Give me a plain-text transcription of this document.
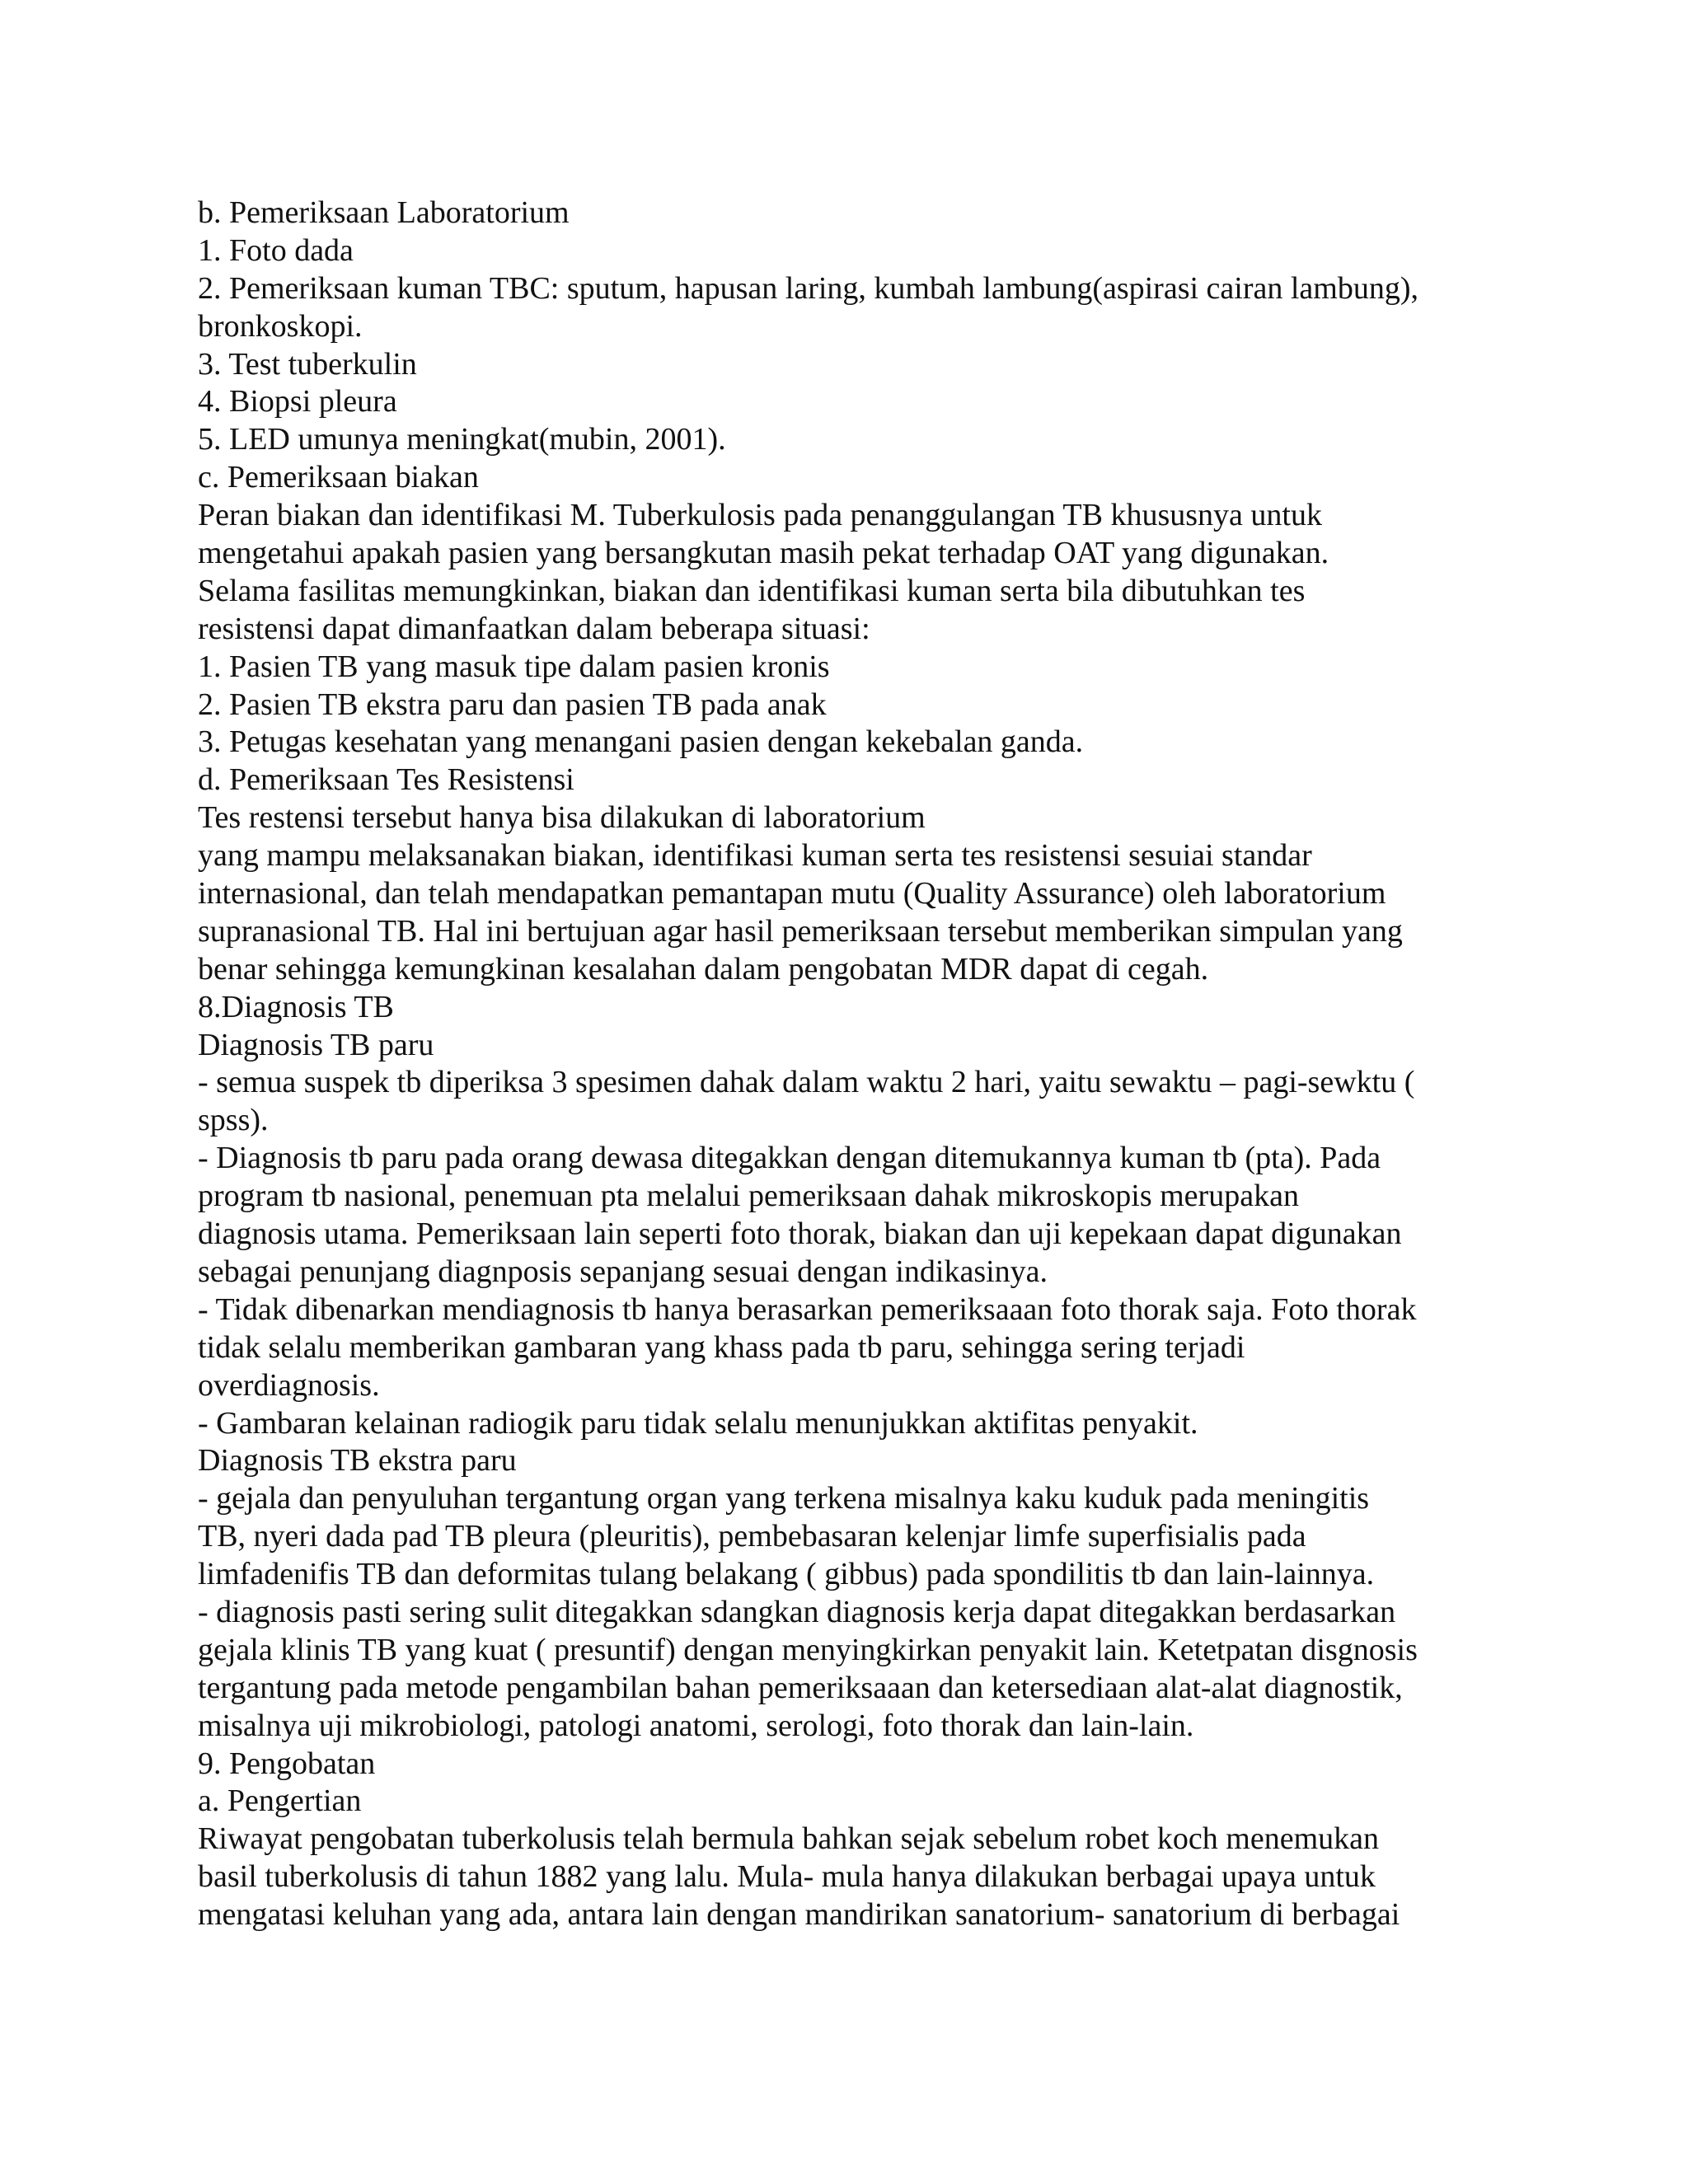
b. Pemeriksaan Laboratorium
1. Foto dada
2. Pemeriksaan kuman TBC: sputum, hapusan laring, kumbah lambung(aspirasi cairan lambung),
bronkoskopi.
3. Test tuberkulin
4. Biopsi pleura
5. LED umunya meningkat(mubin, 2001).
c. Pemeriksaan biakan
Peran biakan dan identifikasi M. Tuberkulosis pada penanggulangan TB khususnya untuk
mengetahui apakah pasien yang bersangkutan masih pekat terhadap OAT yang digunakan.
Selama fasilitas memungkinkan, biakan dan identifikasi kuman serta bila dibutuhkan tes
resistensi dapat dimanfaatkan dalam beberapa situasi:
1. Pasien TB yang masuk tipe dalam pasien kronis
2. Pasien TB ekstra paru dan pasien TB pada anak
3. Petugas kesehatan yang menangani pasien dengan kekebalan ganda.
d. Pemeriksaan Tes Resistensi
Tes restensi tersebut hanya bisa dilakukan di laboratorium
yang mampu melaksanakan biakan, identifikasi kuman serta tes resistensi sesuiai standar
internasional, dan telah mendapatkan pemantapan mutu (Quality Assurance) oleh laboratorium
supranasional TB. Hal ini bertujuan agar hasil pemeriksaan tersebut memberikan simpulan yang
benar sehingga kemungkinan kesalahan dalam pengobatan MDR dapat di cegah.
8.Diagnosis TB
Diagnosis TB paru
- semua suspek tb diperiksa 3 spesimen dahak dalam waktu 2 hari, yaitu sewaktu – pagi-sewktu (
spss).
- Diagnosis tb paru pada orang dewasa ditegakkan dengan ditemukannya kuman tb (pta). Pada
program tb nasional, penemuan pta melalui pemeriksaan dahak mikroskopis merupakan
diagnosis utama. Pemeriksaan lain seperti foto thorak, biakan dan uji kepekaan dapat digunakan
sebagai penunjang diagnposis sepanjang sesuai dengan indikasinya.
- Tidak dibenarkan mendiagnosis tb hanya berasarkan pemeriksaaan foto thorak saja. Foto thorak
tidak selalu memberikan gambaran yang khass pada tb paru, sehingga sering terjadi
overdiagnosis.
- Gambaran kelainan radiogik paru tidak selalu menunjukkan aktifitas penyakit.
Diagnosis TB ekstra paru
- gejala dan penyuluhan tergantung organ yang terkena misalnya kaku kuduk pada meningitis
TB, nyeri dada pad TB pleura (pleuritis), pembebasaran kelenjar limfe superfisialis pada
limfadenifis TB dan deformitas tulang belakang ( gibbus) pada spondilitis tb dan lain-lainnya.
- diagnosis pasti sering sulit ditegakkan sdangkan diagnosis kerja dapat ditegakkan berdasarkan
gejala klinis TB yang kuat ( presuntif) dengan menyingkirkan penyakit lain. Ketetpatan disgnosis
tergantung pada metode pengambilan bahan pemeriksaaan dan ketersediaan alat-alat diagnostik,
misalnya uji mikrobiologi, patologi anatomi, serologi, foto thorak dan lain-lain.
9. Pengobatan
a. Pengertian
Riwayat pengobatan tuberkolusis telah bermula bahkan sejak sebelum robet koch menemukan
basil tuberkolusis di tahun 1882 yang lalu. Mula- mula hanya dilakukan berbagai upaya untuk
mengatasi keluhan yang ada, antara lain dengan mandirikan sanatorium- sanatorium di berbagai
